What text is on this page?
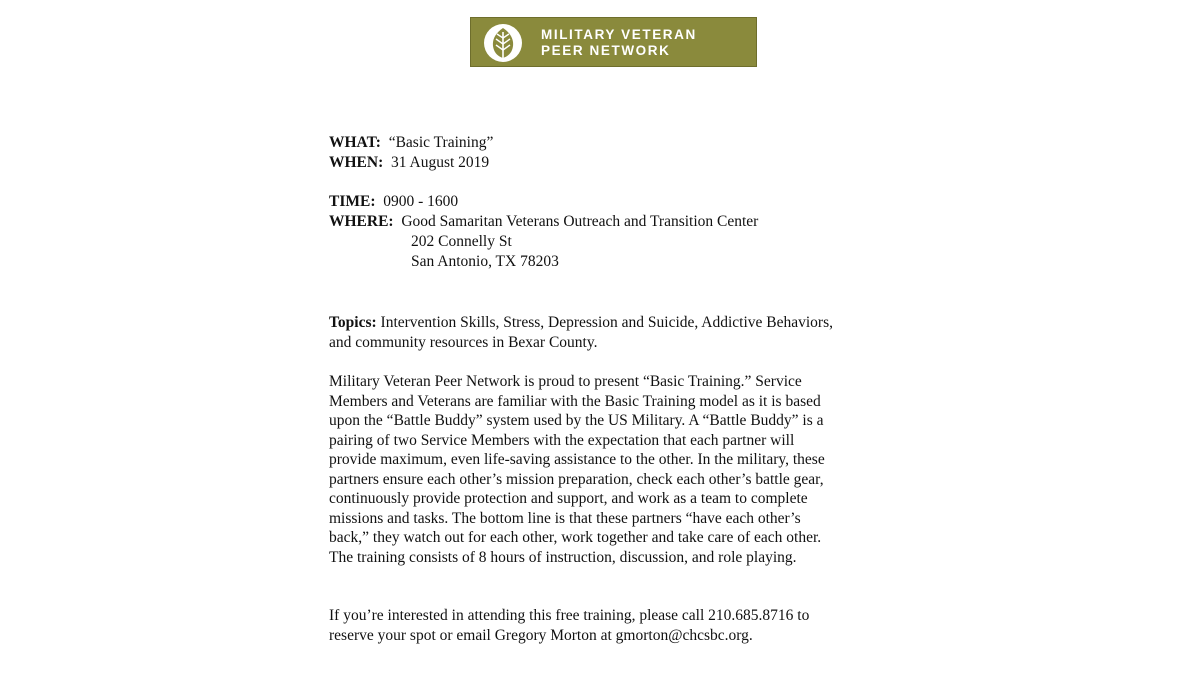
MILITARY VETERAN
PEER NETWORK
WHAT: “Basic Training”
WHEN: 31 August 2019
TIME: 0900 - 1600
WHERE: Good Samaritan Veterans Outreach and Transition Center
202 Connelly St
San Antonio, TX 78203
Topics: Intervention Skills, Stress, Depression and Suicide, Addictive Behaviors,
and community resources in Bexar County.
Military Veteran Peer Network is proud to present “Basic Training.” Service
Members and Veterans are familiar with the Basic Training model as it is based
upon the “Battle Buddy” system used by the US Military. A “Battle Buddy” is a
pairing of two Service Members with the expectation that each partner will
provide maximum, even life-saving assistance to the other. In the military, these
partners ensure each other’s mission preparation, check each other’s battle gear,
continuously provide protection and support, and work as a team to complete
missions and tasks. The bottom line is that these partners “have each other’s
back,” they watch out for each other, work together and take care of each other.
The training consists of 8 hours of instruction, discussion, and role playing.
If you’re interested in attending this free training, please call 210.685.8716 to
reserve your spot or email Gregory Morton at gmorton@chcsbc.org.
